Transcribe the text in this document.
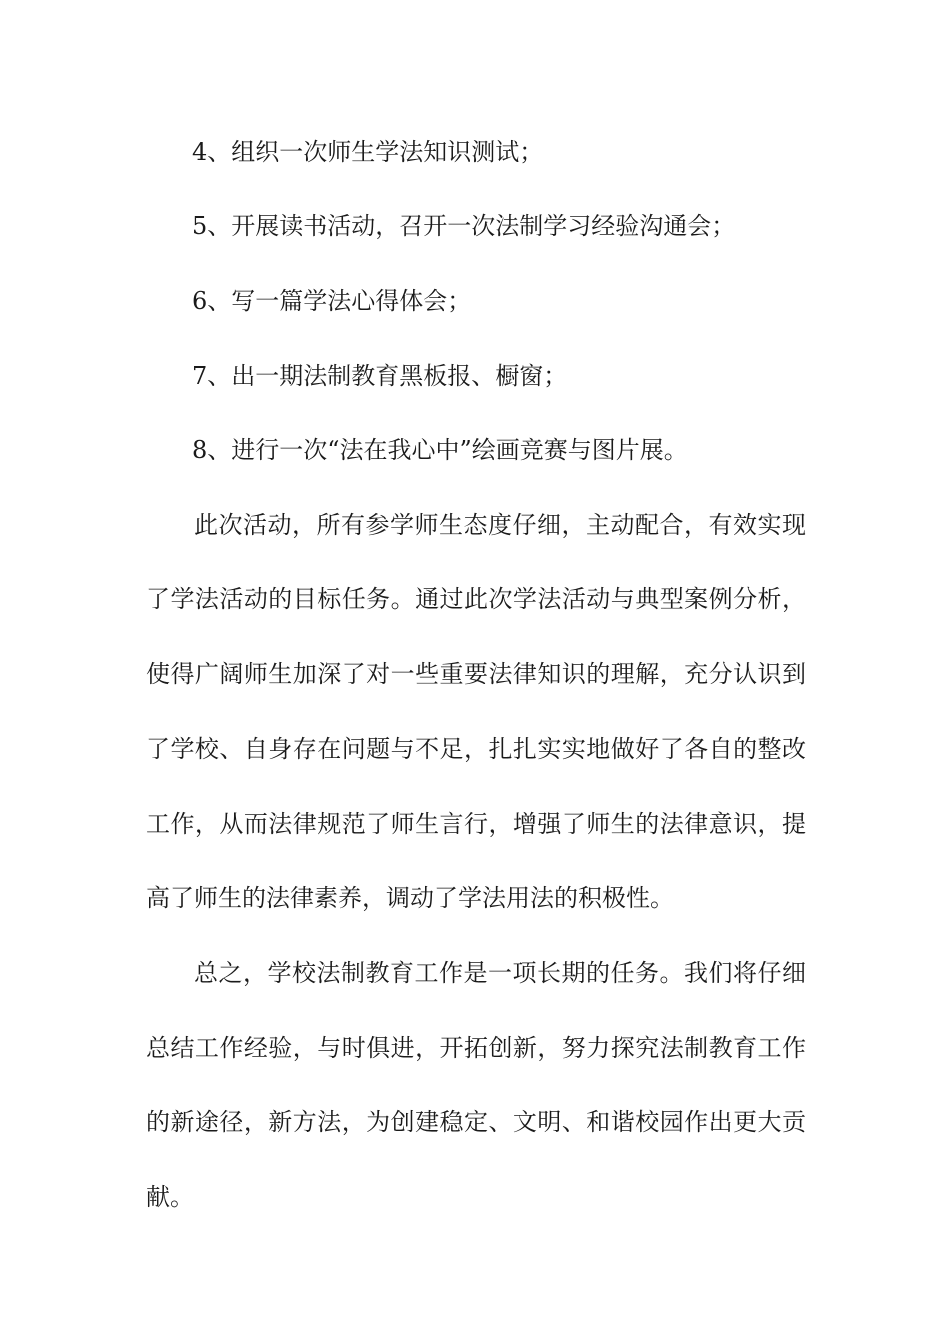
4、组织一次师生学法知识测试；
5、开展读书活动，召开一次法制学习经验沟通会；
6、写一篇学法心得体会；
7、出一期法制教育黑板报、橱窗；
8、进行一次“法在我心中”绘画竞赛与图片展。
此次活动，所有参学师生态度仔细，主动配合，有效实现
了学法活动的目标任务。通过此次学法活动与典型案例分析，
使得广阔师生加深了对一些重要法律知识的理解，充分认识到
了学校、自身存在问题与不足，扎扎实实地做好了各自的整改
工作，从而法律规范了师生言行，增强了师生的法律意识，提
高了师生的法律素养，调动了学法用法的积极性。
总之，学校法制教育工作是一项长期的任务。我们将仔细
总结工作经验，与时俱进，开拓创新，努力探究法制教育工作
的新途径，新方法，为创建稳定、文明、和谐校园作出更大贡
献。
